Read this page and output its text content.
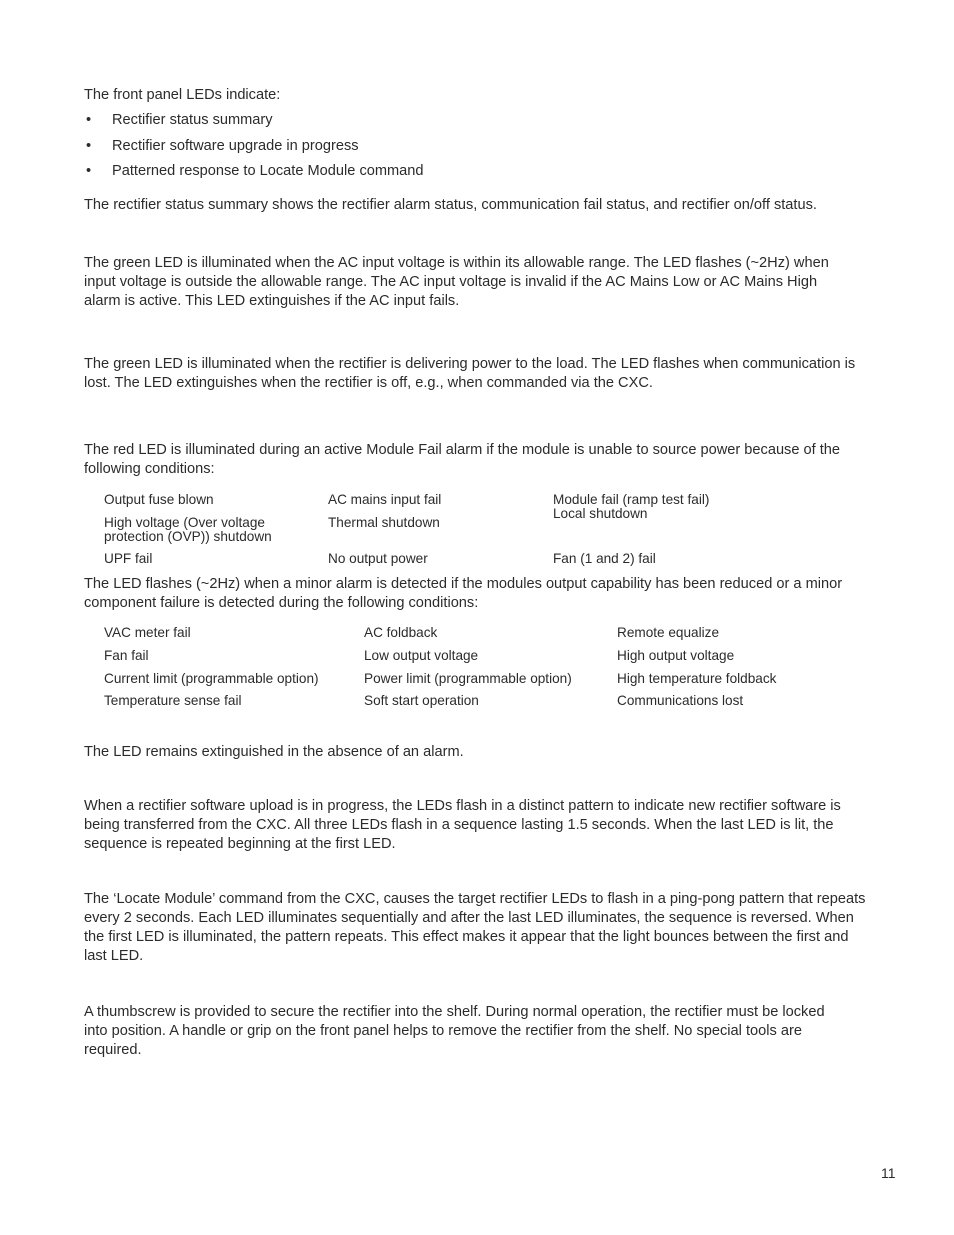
The front panel LEDs indicate:

• Rectifier status summary
• Rectifier software upgrade in progress
• Patterned response to Locate Module command

The rectifier status summary shows the rectifier alarm status, communication fail status, and rectifier on/off status.

The green LED is illuminated when the AC input voltage is within its allowable range. The LED flashes (~2Hz) when input voltage is outside the allowable range. The AC input voltage is invalid if the AC Mains Low or AC Mains High alarm is active. This LED extinguishes if the AC input fails.

The green LED is illuminated when the rectifier is delivering power to the load. The LED flashes when communication is lost. The LED extinguishes when the rectifier is off, e.g., when commanded via the CXC.

The red LED is illuminated during an active Module Fail alarm if the module is unable to source power because of the following conditions:

Output fuse blown
High voltage (Over voltage
protection (OVP)) shutdown
UPF fail
AC mains input fail
Thermal shutdown
No output power
Module fail (ramp test fail)
Local shutdown
Fan (1 and 2) fail

The LED flashes (~2Hz) when a minor alarm is detected if the modules output capability has been reduced or a minor component failure is detected during the following conditions:

VAC meter fail
Fan fail
Current limit (programmable option)
Temperature sense fail
AC foldback
Low output voltage
Power limit (programmable option)
Soft start operation
Remote equalize
High output voltage
High temperature foldback
Communications lost

The LED remains extinguished in the absence of an alarm.

When a rectifier software upload is in progress, the LEDs flash in a distinct pattern to indicate new rectifier software is being transferred from the CXC. All three LEDs flash in a sequence lasting 1.5 seconds. When the last LED is lit, the sequence is repeated beginning at the first LED.

The ‘Locate Module’ command from the CXC, causes the target rectifier LEDs to flash in a ping-pong pattern that repeats every 2 seconds. Each LED illuminates sequentially and after the last LED illuminates, the sequence is reversed. When the first LED is illuminated, the pattern repeats. This effect makes it appear that the light bounces between the first and last LED.

A thumbscrew is provided to secure the rectifier into the shelf. During normal operation, the rectifier must be locked into position. A handle or grip on the front panel helps to remove the rectifier from the shelf. No special tools are required.

11
